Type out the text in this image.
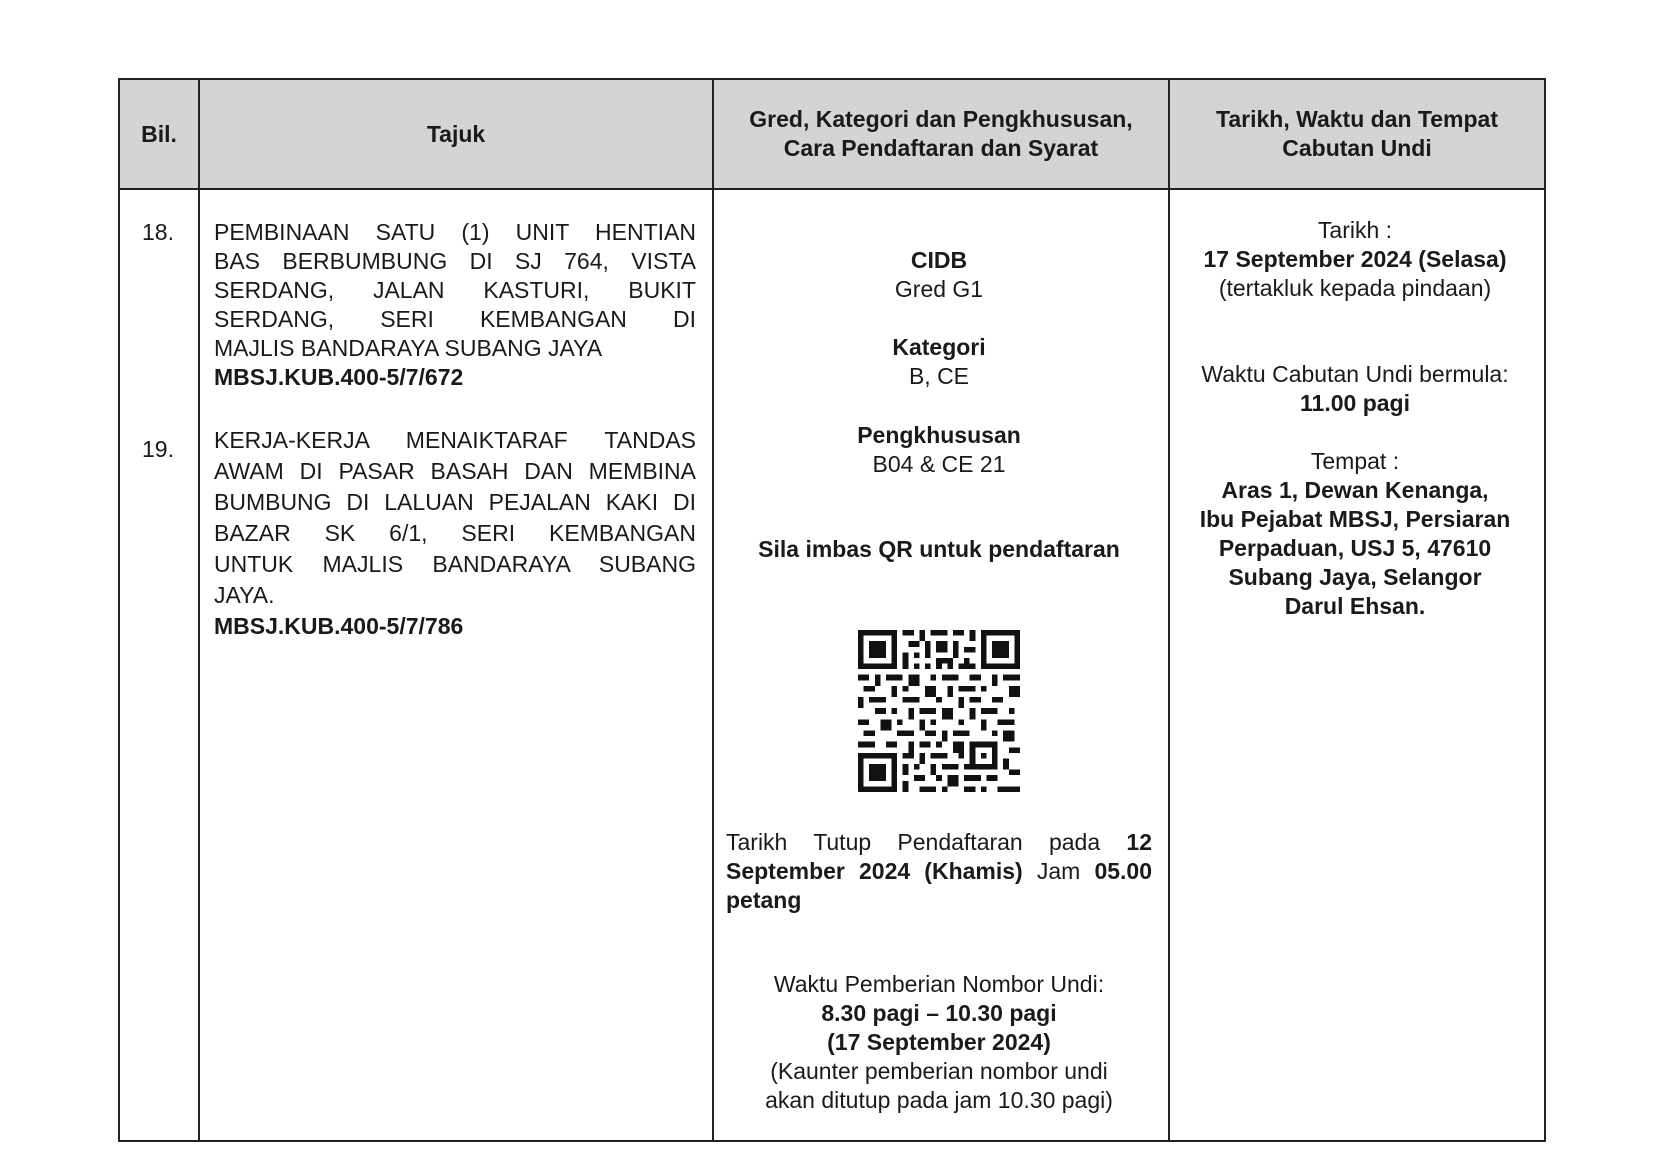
Bil.	Tajuk
Gred, Kategori dan Pengkhususan,
Cara Pendaftaran dan Syarat
Tarikh, Waktu dan Tempat
Cabutan Undi
18.
19.
PEMBINAAN SATU (1) UNIT HENTIAN
BAS BERBUMBUNG DI SJ 764, VISTA
SERDANG, JALAN KASTURI, BUKIT
SERDANG, SERI KEMBANGAN DI
MAJLIS BANDARAYA SUBANG JAYA
MBSJ.KUB.400-5/7/672
KERJA-KERJA MENAIKTARAF TANDAS
AWAM DI PASAR BASAH DAN MEMBINA
BUMBUNG DI LALUAN PEJALAN KAKI DI
BAZAR SK 6/1, SERI KEMBANGAN
UNTUK MAJLIS BANDARAYA SUBANG
JAYA.
MBSJ.KUB.400-5/7/786
CIDB
Gred G1
Kategori
B, CE
Pengkhususan
B04 & CE 21
Sila imbas QR untuk pendaftaran
Tarikh Tutup Pendaftaran pada 12
September 2024 (Khamis) Jam 05.00
petang
Waktu Pemberian Nombor Undi:
8.30 pagi – 10.30 pagi
(17 September 2024)
(Kaunter pemberian nombor undi
akan ditutup pada jam 10.30 pagi)
Tarikh :
17 September 2024 (Selasa)
(tertakluk kepada pindaan)
Waktu Cabutan Undi bermula:
11.00 pagi
Tempat :
Aras 1, Dewan Kenanga,
Ibu Pejabat MBSJ, Persiaran
Perpaduan, USJ 5, 47610
Subang Jaya, Selangor
Darul Ehsan.
